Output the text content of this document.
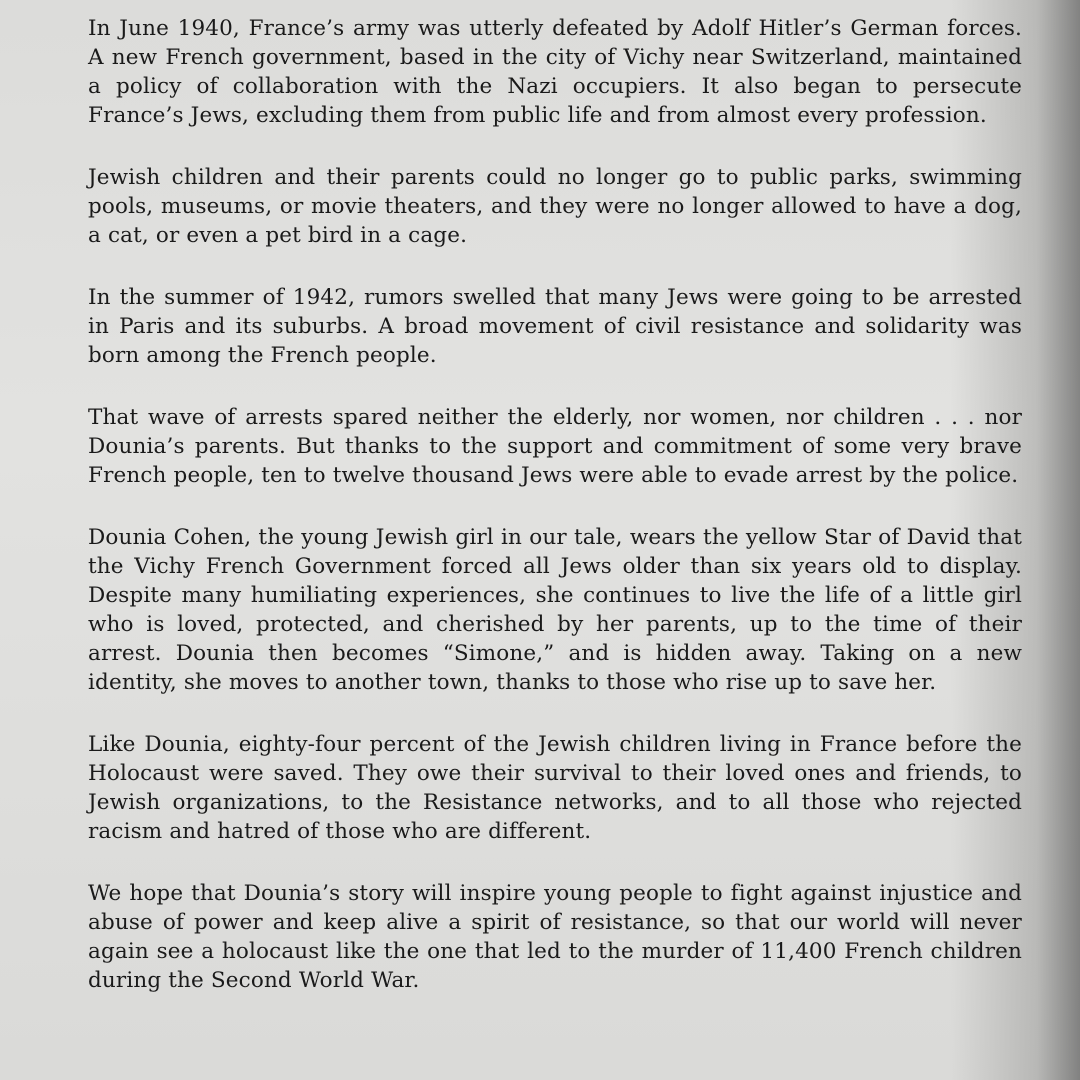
In June 1940, France’s army was utterly defeated by Adolf Hitler’s German forces. A new French government, based in the city of Vichy near Switzerland, maintained a policy of collaboration with the Nazi occupiers. It also began to persecute France’s Jews, excluding them from public life and from almost every profession.

Jewish children and their parents could no longer go to public parks, swimming pools, museums, or movie theaters, and they were no longer allowed to have a dog, a cat, or even a pet bird in a cage.

In the summer of 1942, rumors swelled that many Jews were going to be arrested in Paris and its suburbs. A broad movement of civil resistance and solidarity was born among the French people.

That wave of arrests spared neither the elderly, nor women, nor children . . . nor Dounia’s parents. But thanks to the support and commitment of some very brave French people, ten to twelve thousand Jews were able to evade arrest by the police.

Dounia Cohen, the young Jewish girl in our tale, wears the yellow Star of David that the Vichy French Government forced all Jews older than six years old to display. Despite many humiliating experiences, she continues to live the life of a little girl who is loved, protected, and cherished by her parents, up to the time of their arrest. Dounia then becomes “Simone,” and is hidden away. Taking on a new identity, she moves to another town, thanks to those who rise up to save her.

Like Dounia, eighty-four percent of the Jewish children living in France before the Holocaust were saved. They owe their survival to their loved ones and friends, to Jewish organizations, to the Resistance networks, and to all those who rejected racism and hatred of those who are different.

We hope that Dounia’s story will inspire young people to fight against injustice and abuse of power and keep alive a spirit of resistance, so that our world will never again see a holocaust like the one that led to the murder of 11,400 French children during the Second World War.
